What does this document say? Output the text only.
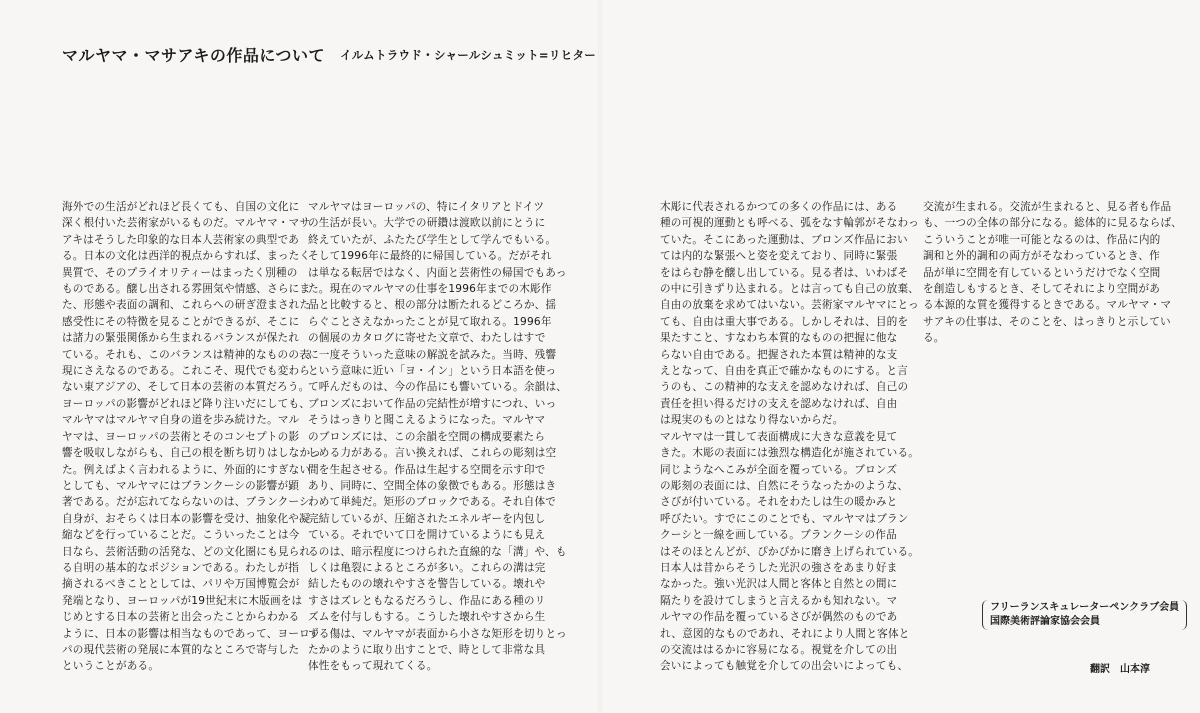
マルヤマ・マサアキの作品について イルムトラウド・シャールシュミット=リヒター
海外での生活がどれほど長くても、自国の文化に
深く根付いた芸術家がいるものだ。マルヤマ・マサ
アキはそうした印象的な日本人芸術家の典型であ
る。日本の文化は西洋的視点からすれば、まったく
異質で、そのプライオリティーはまったく別種の
ものである。醸し出される雰囲気や情感、さらにま
た、形態や表面の調和、これらへの研ぎ澄まされた
感受性にその特徴を見ることができるが、そこに
は諸力の緊張関係から生まれるバランスが保たれ
ている。それも、このバランスは精神的なものの表
現にさえなるのである。これこそ、現代でも変わら
ない東アジアの、そして日本の芸術の本質だろう。
ヨーロッパの影響がどれほど降り注いだにしても、
マルヤマはマルヤマ自身の道を歩み続けた。マル
ヤマは、ヨーロッパの芸術とそのコンセプトの影
響を吸収しながらも、自己の根を断ち切りはしなかっ
た。例えばよく言われるように、外面的にすぎない
としても、マルヤマにはブランクーシの影響が顕
著である。だが忘れてならないのは、ブランクーシ
自身が、おそらくは日本の影響を受け、抽象化や凝
縮などを行っていることだ。こういったことは今
日なら、芸術活動の活発な、どの文化圏にも見られ
る自明の基本的なポジションである。わたしが指
摘されるべきこととしては、パリや万国博覧会が
発端となり、ヨーロッパが19世紀末に木版画をは
じめとする日本の芸術と出会ったことからわかる
ように、日本の影響は相当なものであって、ヨーロッ
パの現代芸術の発展に本質的なところで寄与した
ということがある。
マルヤマはヨーロッパの、特にイタリアとドイツ
の生活が長い。大学での研鑽は渡欧以前にとうに
終えていたが、ふたたび学生として学んでもいる。
そして1996年に最終的に帰国している。だがそれ
は単なる転居ではなく、内面と芸術性の帰国でもあっ
た。現在のマルヤマの仕事を1996年までの木彫作
品と比較すると、根の部分は断たれるどころか、揺
らぐことさえなかったことが見て取れる。1996年
の個展のカタログに寄せた文章で、わたしはすで
に一度そういった意味の解説を試みた。当時、残響
という意味に近い「ヨ・イン」という日本語を使っ
て呼んだものは、今の作品にも響いている。余韻は、
ブロンズにおいて作品の完結性が増すにつれ、いっ
そうはっきりと聞こえるようになった。マルヤマ
のブロンズには、この余韻を空間の構成要素たら
しめる力がある。言い換えれば、これらの彫刻は空
間を生起させる。作品は生起する空間を示す印で
あり、同時に、空間全体の象徴でもある。形態はき
わめて単純だ。矩形のブロックである。それ自体で
完結しているが、圧縮されたエネルギーを内包し
ている。それでいて口を開けているようにも見え
るのは、暗示程度につけられた直線的な「溝」や、も
しくは亀裂によるところが多い。これらの溝は完
結したものの壊れやすさを警告している。壊れや
すさはズレともなるだろうし、作品にある種のリ
ズムを付与しもする。こうした壊れやすさから生
ずる傷は、マルヤマが表面から小さな矩形を切りとっ
たかのように取り出すことで、時として非常な具
体性をもって現れてくる。
木彫に代表されるかつての多くの作品には、ある
種の可視的運動とも呼べる、弧をなす輪郭がそなわっ
ていた。そこにあった運動は、ブロンズ作品におい
ては内的な緊張へと姿を変えており、同時に緊張
をはらむ静を醸し出している。見る者は、いわばそ
の中に引きずり込まれる。とは言っても自己の放棄、
自由の放棄を求めてはいない。芸術家マルヤマにとっ
ても、自由は重大事である。しかしそれは、目的を
果たすこと、すなわち本質的なものの把握に他な
らない自由である。把握された本質は精神的な支
えとなって、自由を真正で確かなものにする。と言
うのも、この精神的な支えを認めなければ、自己の
責任を担い得るだけの支えを認めなければ、自由
は現実のものとはなり得ないからだ。
マルヤマは一貫して表面構成に大きな意義を見て
きた。木彫の表面には強烈な構造化が施されている。
同じようなへこみが全面を覆っている。ブロンズ
の彫刻の表面には、自然にそうなったかのような、
さびが付いている。それをわたしは生の暖かみと
呼びたい。すでにこのことでも、マルヤマはブラン
クーシと一線を画している。ブランクーシの作品
はそのほとんどが、ぴかぴかに磨き上げられている。
日本人は昔からそうした光沢の強さをあまり好ま
なかった。強い光沢は人間と客体と自然との間に
隔たりを設けてしまうと言えるかも知れない。マ
ルヤマの作品を覆っているさびが偶然のものであ
れ、意図的なものであれ、それにより人間と客体と
の交流ははるかに容易になる。視覚を介しての出
会いによっても触覚を介しての出会いによっても、
交流が生まれる。交流が生まれると、見る者も作品
も、一つの全体の部分になる。総体的に見るならば、
こういうことが唯一可能となるのは、作品に内的
調和と外的調和の両方がそなわっているとき、作
品が単に空間を有しているというだけでなく空間
を創造しもするとき、そしてそれにより空間があ
る本源的な質を獲得するときである。マルヤマ・マ
サアキの仕事は、そのことを、はっきりと示してい
る。
フリーランスキュレーターペンクラブ会員
国際美術評論家協会会員
翻訳　山本淳
